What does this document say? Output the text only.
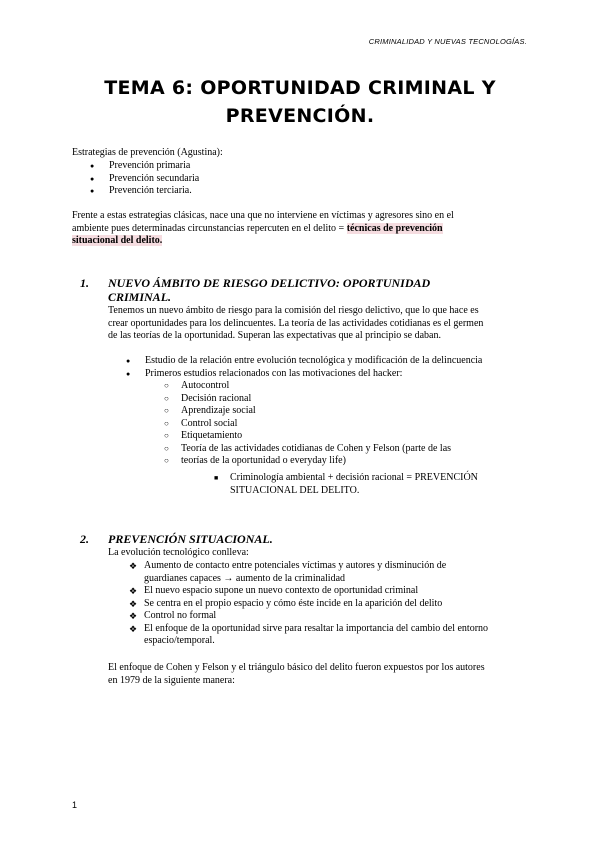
CRIMINALIDAD Y NUEVAS TECNOLOGÍAS.
TEMA 6: OPORTUNIDAD CRIMINAL Y PREVENCIÓN.
Estrategias de prevención (Agustina):
● Prevención primaria
● Prevención secundaria
● Prevención terciaria.
Frente a estas estrategias clásicas, nace una que no interviene en víctimas y agresores sino en el
ambiente pues determinadas circunstancias repercuten en el delito = técnicas de prevención
situacional del delito.
1. NUEVO ÁMBITO DE RIESGO DELICTIVO: OPORTUNIDAD
CRIMINAL.
Tenemos un nuevo ámbito de riesgo para la comisión del riesgo delictivo, que lo que hace es
crear oportunidades para los delincuentes. La teoría de las actividades cotidianas es el germen
de las teorías de la oportunidad. Superan las expectativas que al principio se daban.
● Estudio de la relación entre evolución tecnológica y modificación de la delincuencia
● Primeros estudios relacionados con las motivaciones del hacker:
○ Autocontrol
○ Decisión racional
○ Aprendizaje social
○ Control social
○ Etiquetamiento
○ Teoría de las actividades cotidianas de Cohen y Felson (parte de las
○ teorías de la oportunidad o everyday life)
■ Criminología ambiental + decisión racional = PREVENCIÓN
SITUACIONAL DEL DELITO.
2. PREVENCIÓN SITUACIONAL.
La evolución tecnológico conlleva:
❖ Aumento de contacto entre potenciales víctimas y autores y disminución de
guardianes capaces → aumento de la criminalidad
❖ El nuevo espacio supone un nuevo contexto de oportunidad criminal
❖ Se centra en el propio espacio y cómo éste incide en la aparición del delito
❖ Control no formal
❖ El enfoque de la oportunidad sirve para resaltar la importancia del cambio del entorno
espacio/temporal.
El enfoque de Cohen y Felson y el triángulo básico del delito fueron expuestos por los autores
en 1979 de la siguiente manera:
1
